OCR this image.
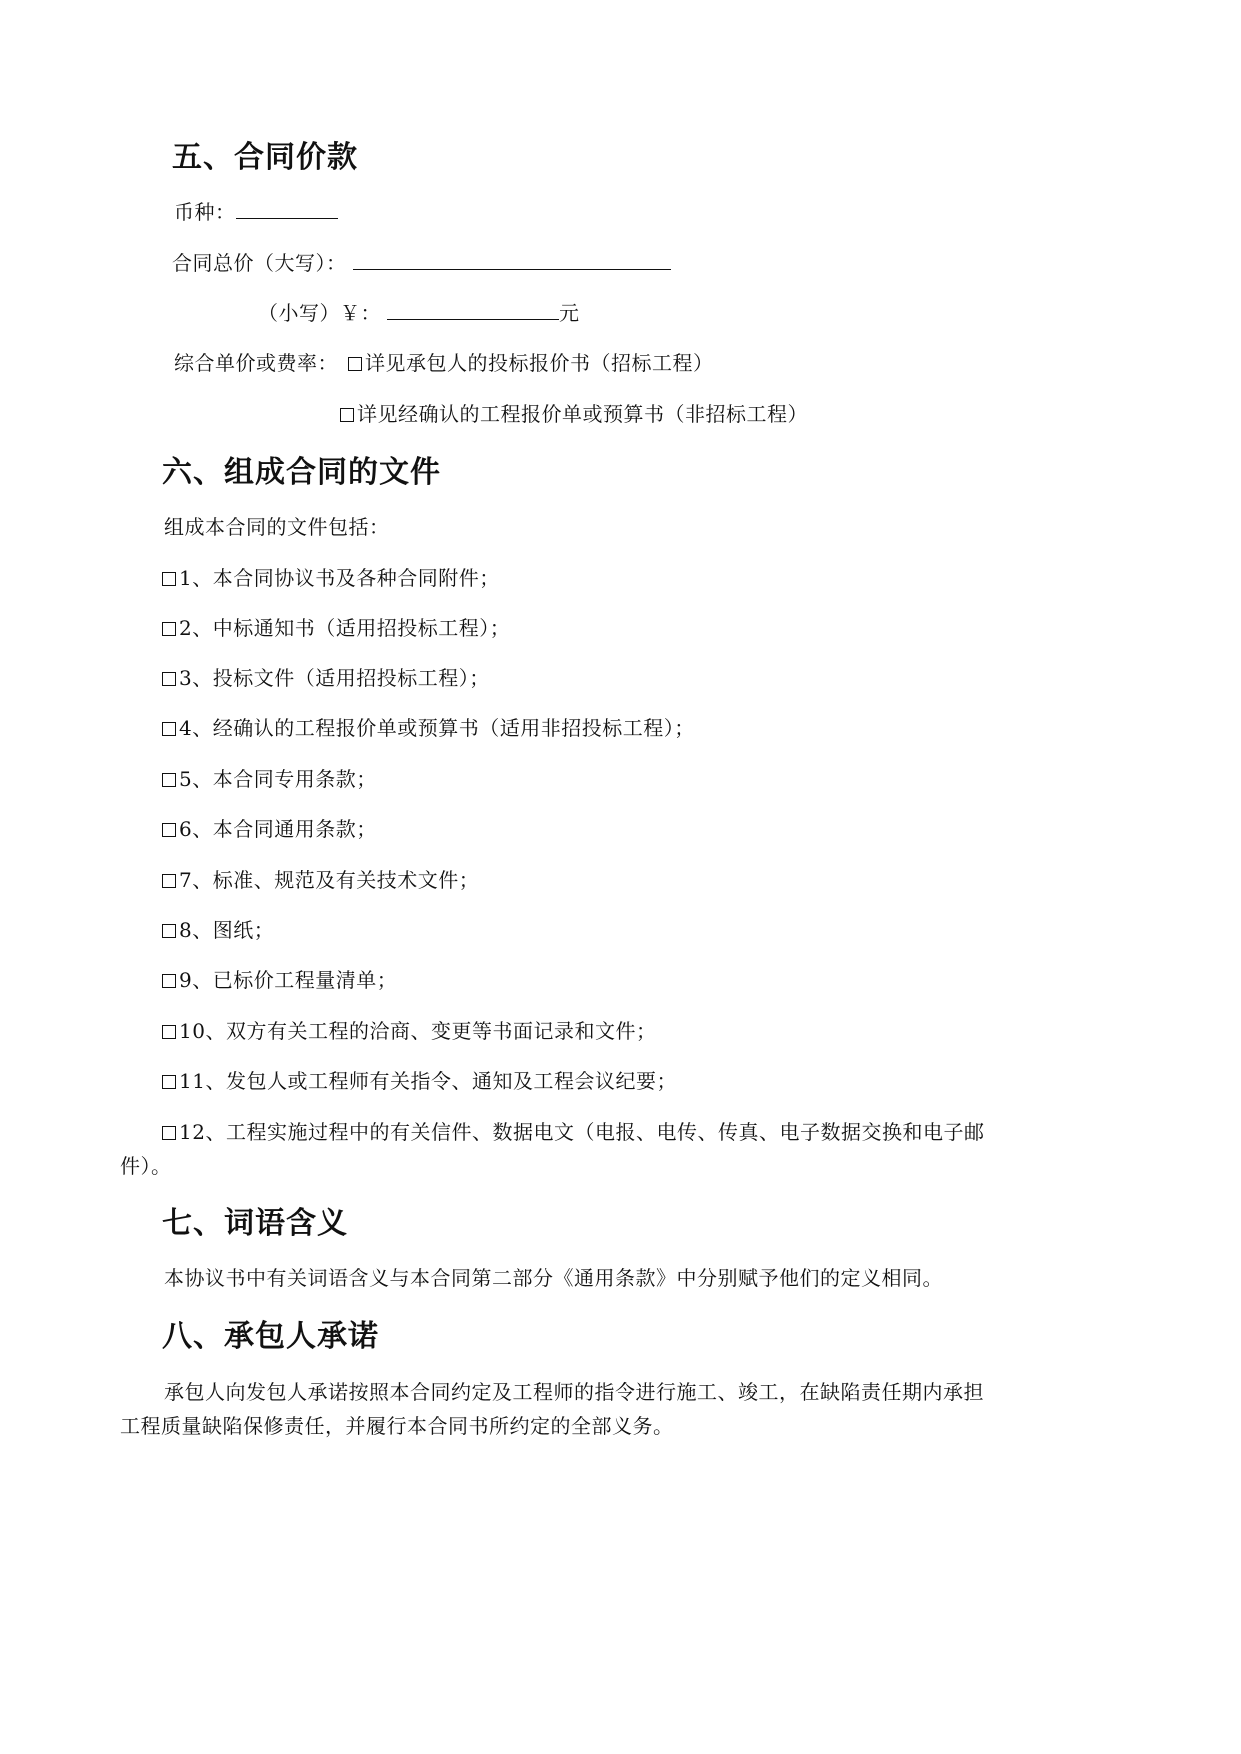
五、合同价款
币种：
合同总价（大写）：
（小写）￥：	元
综合单价或费率： 详见承包人的投标报价书（招标工程）
详见经确认的工程报价单或预算书（非招标工程）
六、组成合同的文件
组成本合同的文件包括：
1、本合同协议书及各种合同附件；
2、中标通知书（适用招投标工程）；
3、投标文件（适用招投标工程）；
4、经确认的工程报价单或预算书（适用非招投标工程）；
5、本合同专用条款；
6、本合同通用条款；
7、标准、规范及有关技术文件；
8、图纸；
9、已标价工程量清单；
10、双方有关工程的洽商、变更等书面记录和文件；
11、发包人或工程师有关指令、通知及工程会议纪要；
12、工程实施过程中的有关信件、数据电文（电报、电传、传真、电子数据交换和电子邮
件）。
七、词语含义
本协议书中有关词语含义与本合同第二部分《通用条款》中分别赋予他们的定义相同。
八、承包人承诺
承包人向发包人承诺按照本合同约定及工程师的指令进行施工、竣工，在缺陷责任期内承担
工程质量缺陷保修责任，并履行本合同书所约定的全部义务。
